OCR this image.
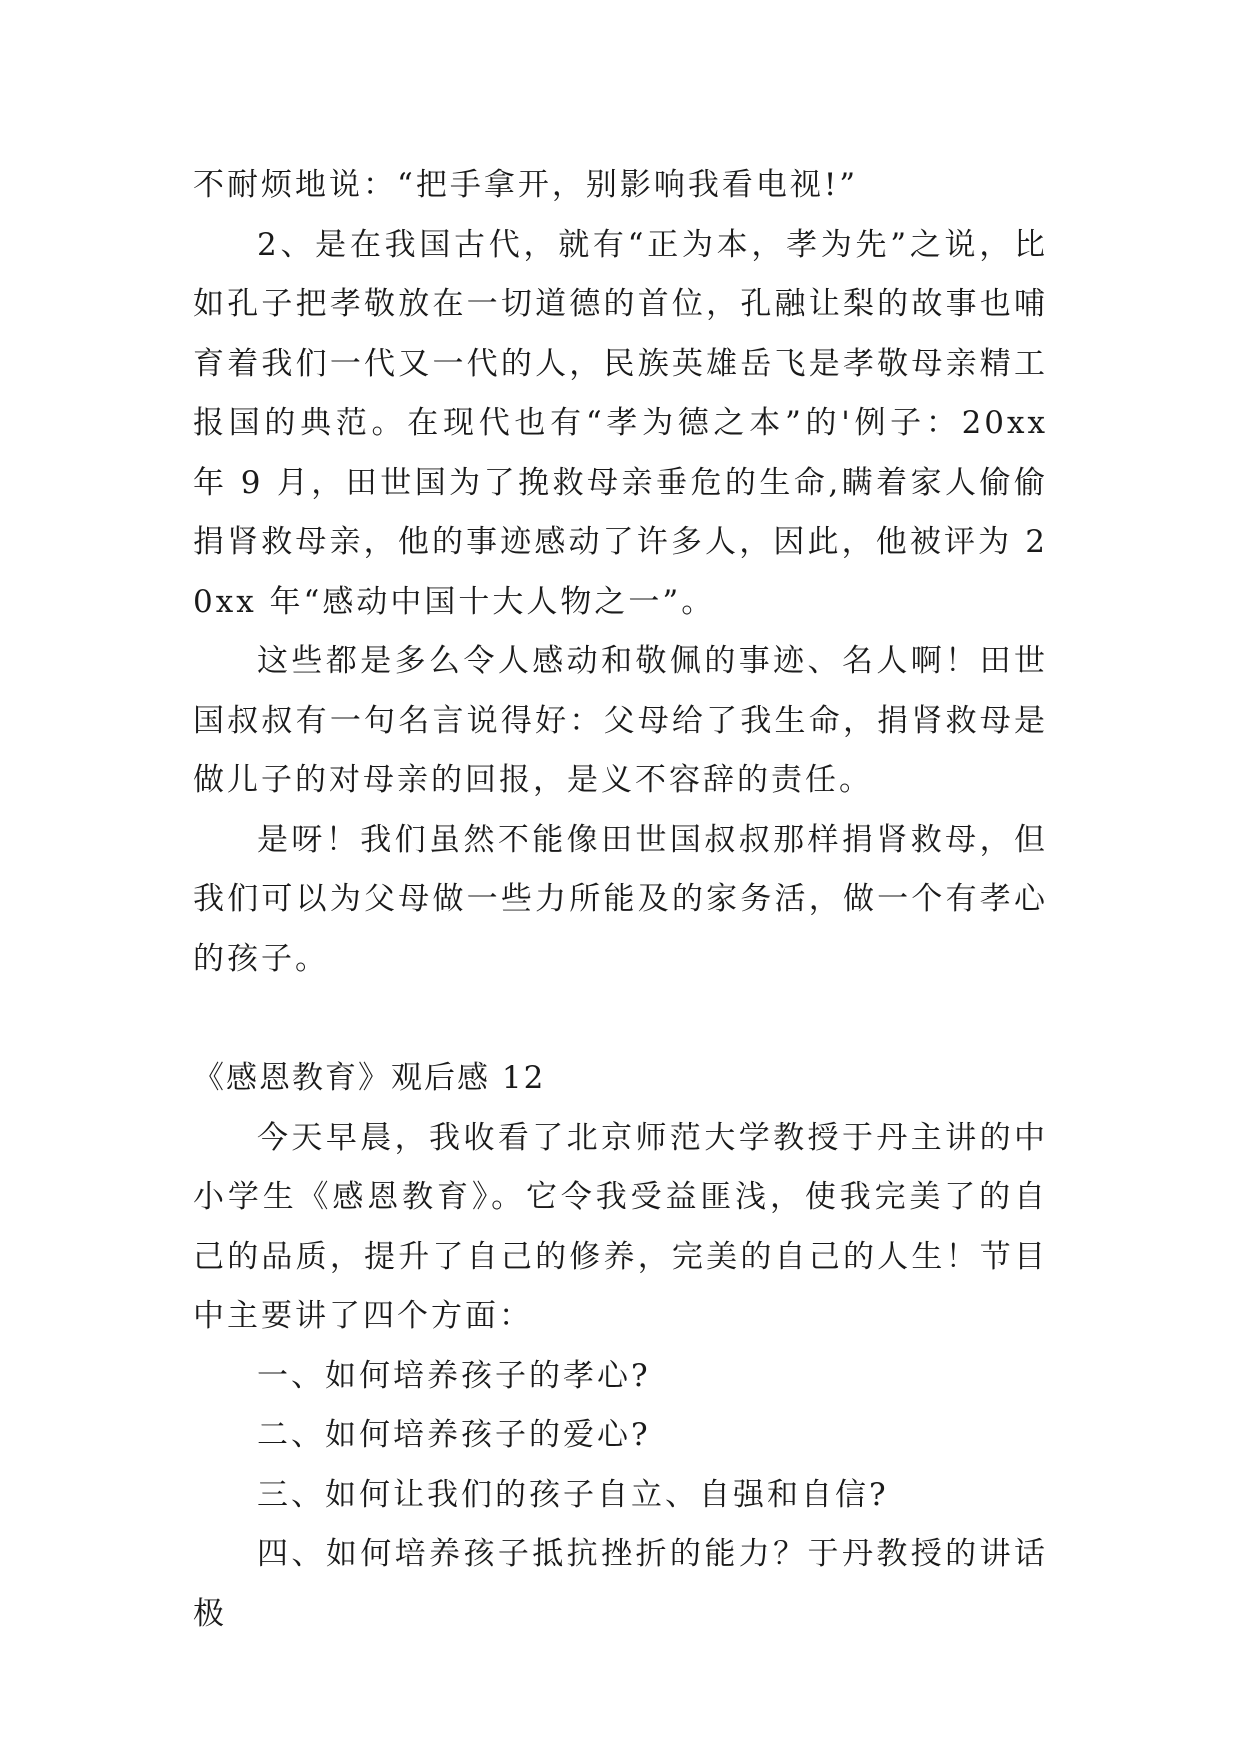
不耐烦地说：“把手拿开，别影响我看电视!”

2、是在我国古代，就有“正为本，孝为先”之说，比如孔子把孝敬放在一切道德的首位，孔融让梨的故事也哺育着我们一代又一代的人，民族英雄岳飞是孝敬母亲精工报国的典范。在现代也有“孝为德之本”的'例子：20xx 年 9 月，田世国为了挽救母亲垂危的生命,瞒着家人偷偷捐肾救母亲，他的事迹感动了许多人，因此，他被评为 20xx 年“感动中国十大人物之一”。

这些都是多么令人感动和敬佩的事迹、名人啊！田世国叔叔有一句名言说得好：父母给了我生命，捐肾救母是做儿子的对母亲的回报，是义不容辞的责任。

是呀！我们虽然不能像田世国叔叔那样捐肾救母，但我们可以为父母做一些力所能及的家务活，做一个有孝心的孩子。

《感恩教育》观后感 12

今天早晨，我收看了北京师范大学教授于丹主讲的中小学生《感恩教育》。它令我受益匪浅，使我完美了的自己的品质，提升了自己的修养，完美的自己的人生！节目中主要讲了四个方面：

一、如何培养孩子的孝心?

二、如何培养孩子的爱心?

三、如何让我们的孩子自立、自强和自信?

四、如何培养孩子抵抗挫折的能力？于丹教授的讲话极
